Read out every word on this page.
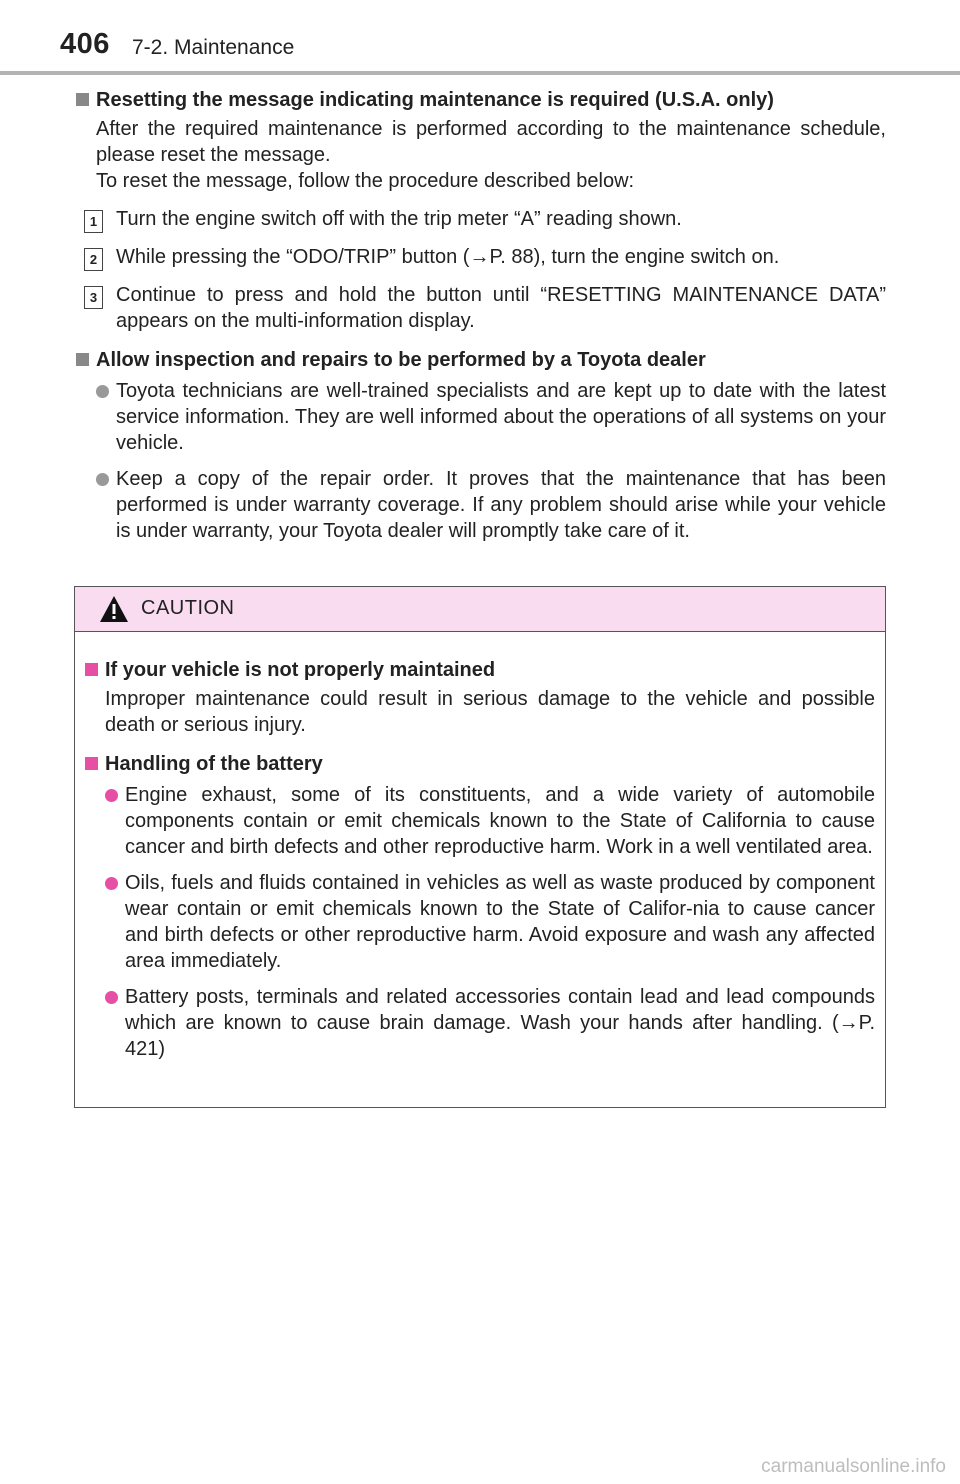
406 7-2. Maintenance
Resetting the message indicating maintenance is required (U.S.A. only)
After the required maintenance is performed according to the maintenance schedule, please reset the message.
To reset the message, follow the procedure described below:
1 Turn the engine switch off with the trip meter “A” reading shown.
2 While pressing the “ODO/TRIP” button (→P. 88), turn the engine switch on.
3 Continue to press and hold the button until “RESETTING MAINTENANCE DATA” appears on the multi-information display.
Allow inspection and repairs to be performed by a Toyota dealer
Toyota technicians are well-trained specialists and are kept up to date with the latest service information. They are well informed about the operations of all systems on your vehicle.
Keep a copy of the repair order. It proves that the maintenance that has been performed is under warranty coverage. If any problem should arise while your vehicle is under warranty, your Toyota dealer will promptly take care of it.
CAUTION
If your vehicle is not properly maintained
Improper maintenance could result in serious damage to the vehicle and possible death or serious injury.
Handling of the battery
Engine exhaust, some of its constituents, and a wide variety of automobile components contain or emit chemicals known to the State of California to cause cancer and birth defects and other reproductive harm. Work in a well ventilated area.
Oils, fuels and fluids contained in vehicles as well as waste produced by component wear contain or emit chemicals known to the State of Califor-nia to cause cancer and birth defects or other reproductive harm. Avoid exposure and wash any affected area immediately.
Battery posts, terminals and related accessories contain lead and lead compounds which are known to cause brain damage. Wash your hands after handling. (→P. 421)
carmanualsonline.info
